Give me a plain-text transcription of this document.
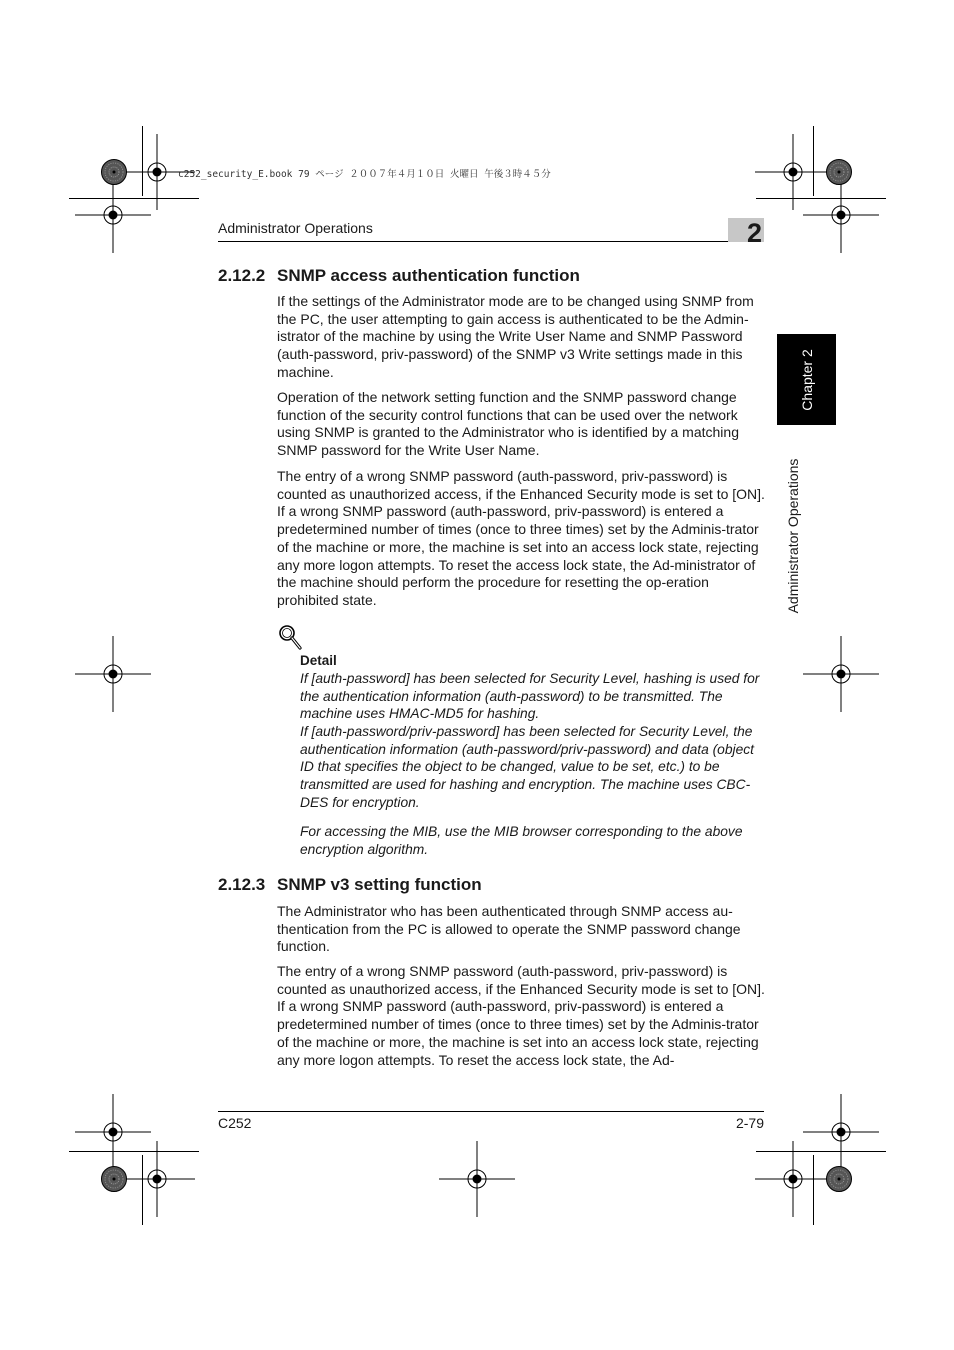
c252_security_E.book 79 ページ ２００７年４月１０日 火曜日 午後３時４５分
Administrator Operations	2
Chapter 2
Administrator Operations
2.12.2 SNMP access authentication function

If the settings of the Administrator mode are to be changed using SNMP from the PC, the user attempting to gain access is authenticated to be the Admin-istrator of the machine by using the Write User Name and SNMP Password (auth-password, priv-password) of the SNMP v3 Write settings made in this machine.

Operation of the network setting function and the SNMP password change function of the security control functions that can be used over the network using SNMP is granted to the Administrator who is identified by a matching SNMP password for the Write User Name.

The entry of a wrong SNMP password (auth-password, priv-password) is counted as unauthorized access, if the Enhanced Security mode is set to [ON]. If a wrong SNMP password (auth-password, priv-password) is entered a predetermined number of times (once to three times) set by the Adminis-trator of the machine or more, the machine is set into an access lock state, rejecting any more logon attempts. To reset the access lock state, the Ad-ministrator of the machine should perform the procedure for resetting the op-eration prohibited state.

Detail

If [auth-password] has been selected for Security Level, hashing is used for the authentication information (auth-password) to be transmitted. The machine uses HMAC-MD5 for hashing.

If [auth-password/priv-password] has been selected for Security Level, the authentication information (auth-password/priv-password) and data (object ID that specifies the object to be changed, value to be set, etc.) to be transmitted are used for hashing and encryption. The machine uses CBC-DES for encryption.

For accessing the MIB, use the MIB browser corresponding to the above encryption algorithm.

2.12.3 SNMP v3 setting function

The Administrator who has been authenticated through SNMP access au-thentication from the PC is allowed to operate the SNMP password change function.

The entry of a wrong SNMP password (auth-password, priv-password) is counted as unauthorized access, if the Enhanced Security mode is set to [ON]. If a wrong SNMP password (auth-password, priv-password) is entered a predetermined number of times (once to three times) set by the Adminis-trator of the machine or more, the machine is set into an access lock state, rejecting any more logon attempts. To reset the access lock state, the Ad-

C252	2-79
